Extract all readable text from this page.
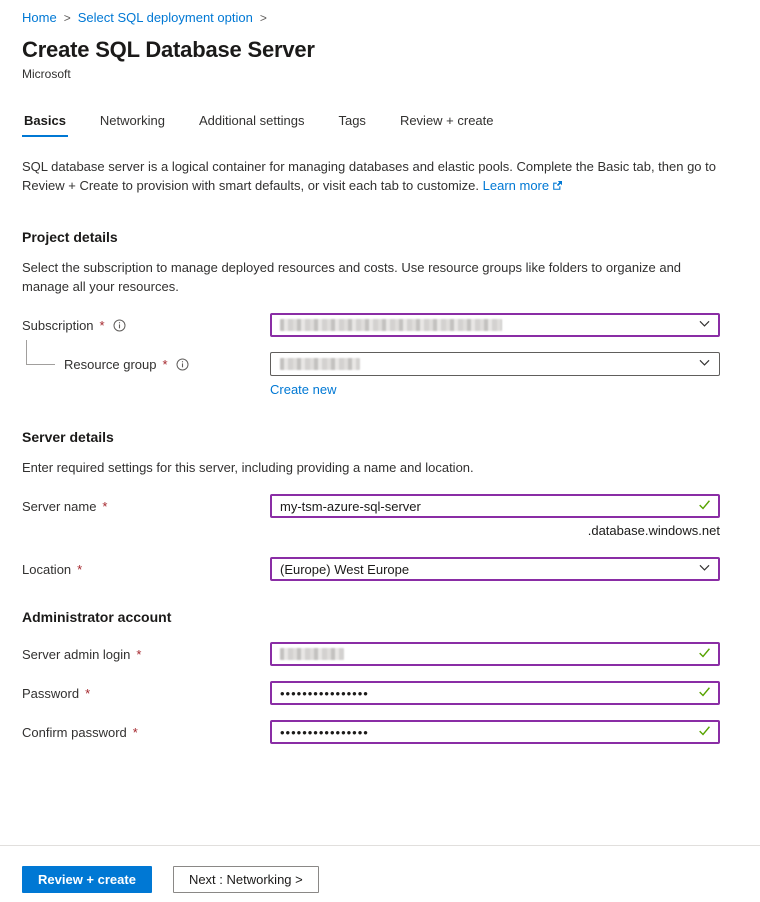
Home > Select SQL deployment option >
Create SQL Database Server
Microsoft
Basics	Networking	Additional settings	Tags	Review + create
SQL database server is a logical container for managing databases and elastic pools. Complete the Basic tab, then go to Review + Create to provision with smart defaults, or visit each tab to customize. Learn more
Project details
Select the subscription to manage deployed resources and costs. Use resource groups like folders to organize and manage all your resources.
Subscription *
Resource group *
Create new
Server details
Enter required settings for this server, including providing a name and location.
Server name *
my-tsm-azure-sql-server
.database.windows.net
Location *	(Europe) West Europe
Administrator account
Server admin login *
Password *
••••••••••••••••
Confirm password *
••••••••••••••••
Review + create	Next : Networking >
